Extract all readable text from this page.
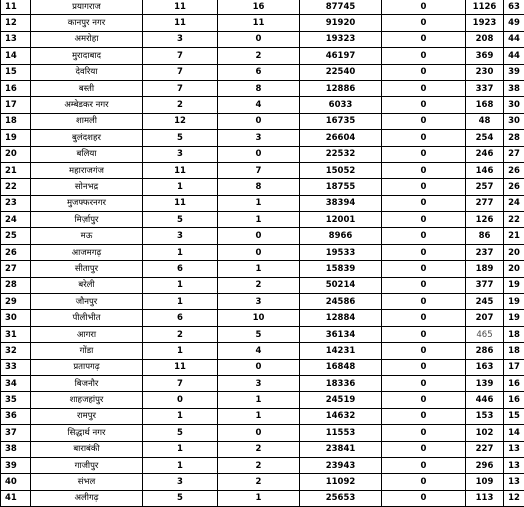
11	प्रयागराज	11	16	87745	0	1126	63
12	कानपुर नगर	11	11	91920	0	1923	49
13	अमरोहा	3	0	19323	0	208	44
14	मुरादाबाद	7	2	46197	0	369	44
15	देवरिया	7	6	22540	0	230	39
16	बस्ती	7	8	12886	0	337	38
17	अम्बेडकर नगर	2	4	6033	0	168	30
18	शामली	12	0	16735	0	48	30
19	बुलंदशहर	5	3	26604	0	254	28
20	बलिया	3	0	22532	0	246	27
21	महाराजगंज	11	7	15052	0	146	26
22	सोनभद्र	1	8	18755	0	257	26
23	मुजफ्फरनगर	11	1	38394	0	277	24
24	मिर्ज़ापुर	5	1	12001	0	126	22
25	मऊ	3	0	8966	0	86	21
26	आजमगढ़	1	0	19533	0	237	20
27	सीतापुर	6	1	15839	0	189	20
28	बरेली	1	2	50214	0	377	19
29	जौनपुर	1	3	24586	0	245	19
30	पीलीभीत	6	10	12884	0	207	19
31	आगरा	2	5	36134	0	465	18
32	गोंडा	1	4	14231	0	286	18
33	प्रतापगढ़	11	0	16848	0	163	17
34	बिजनौर	7	3	18336	0	139	16
35	शाहजहांपुर	0	1	24519	0	446	16
36	रामपुर	1	1	14632	0	153	15
37	सिद्धार्थ नगर	5	0	11553	0	102	14
38	बाराबंकी	1	2	23841	0	227	13
39	गाजीपुर	1	2	23943	0	296	13
40	संभल	3	2	11092	0	109	13
41	अलीगढ़	5	1	25653	0	113	12
